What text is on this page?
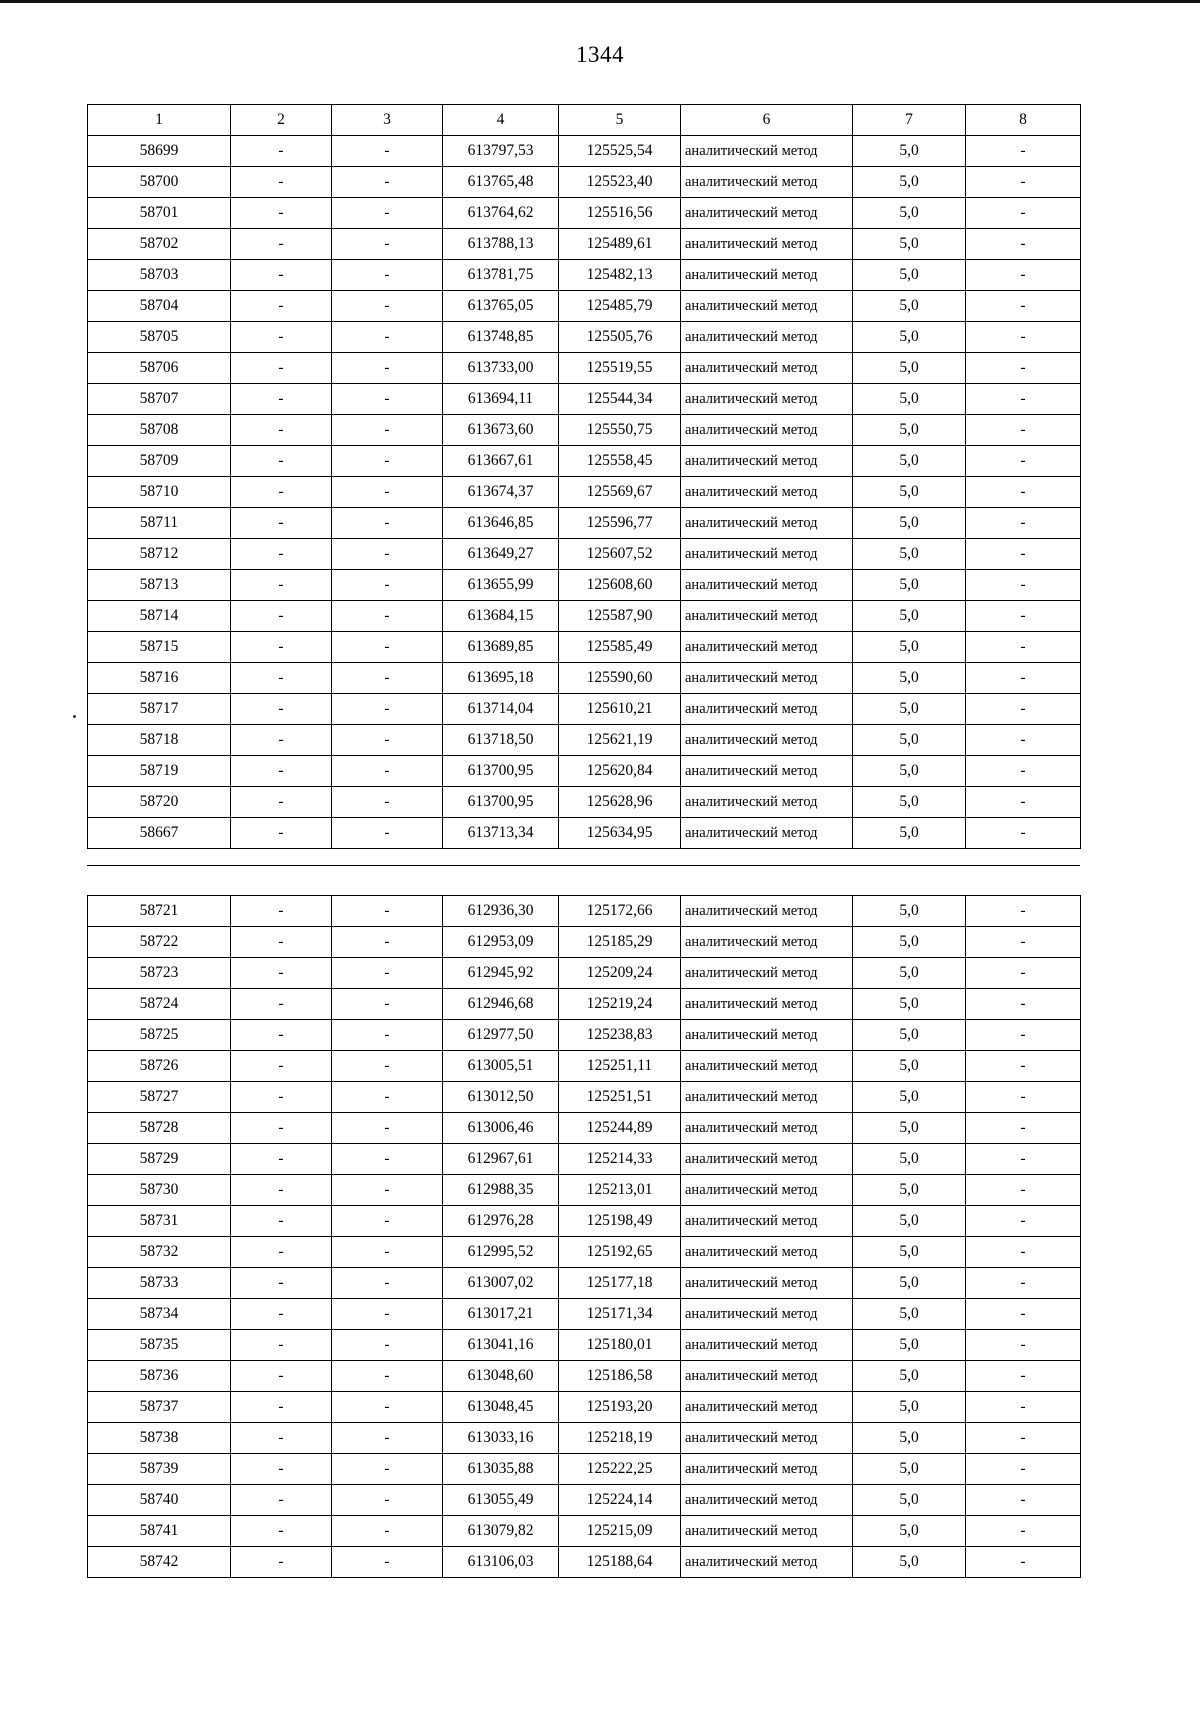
1344
1	2	3	4	5	6	7	8
58699	-	-	613797,53	125525,54	аналитический метод	5,0	-
58700	-	-	613765,48	125523,40	аналитический метод	5,0	-
58701	-	-	613764,62	125516,56	аналитический метод	5,0	-
58702	-	-	613788,13	125489,61	аналитический метод	5,0	-
58703	-	-	613781,75	125482,13	аналитический метод	5,0	-
58704	-	-	613765,05	125485,79	аналитический метод	5,0	-
58705	-	-	613748,85	125505,76	аналитический метод	5,0	-
58706	-	-	613733,00	125519,55	аналитический метод	5,0	-
58707	-	-	613694,11	125544,34	аналитический метод	5,0	-
58708	-	-	613673,60	125550,75	аналитический метод	5,0	-
58709	-	-	613667,61	125558,45	аналитический метод	5,0	-
58710	-	-	613674,37	125569,67	аналитический метод	5,0	-
58711	-	-	613646,85	125596,77	аналитический метод	5,0	-
58712	-	-	613649,27	125607,52	аналитический метод	5,0	-
58713	-	-	613655,99	125608,60	аналитический метод	5,0	-
58714	-	-	613684,15	125587,90	аналитический метод	5,0	-
58715	-	-	613689,85	125585,49	аналитический метод	5,0	-
58716	-	-	613695,18	125590,60	аналитический метод	5,0	-
58717	-	-	613714,04	125610,21	аналитический метод	5,0	-
58718	-	-	613718,50	125621,19	аналитический метод	5,0	-
58719	-	-	613700,95	125620,84	аналитический метод	5,0	-
58720	-	-	613700,95	125628,96	аналитический метод	5,0	-
58667	-	-	613713,34	125634,95	аналитический метод	5,0	-
58721	-	-	612936,30	125172,66	аналитический метод	5,0	-
58722	-	-	612953,09	125185,29	аналитический метод	5,0	-
58723	-	-	612945,92	125209,24	аналитический метод	5,0	-
58724	-	-	612946,68	125219,24	аналитический метод	5,0	-
58725	-	-	612977,50	125238,83	аналитический метод	5,0	-
58726	-	-	613005,51	125251,11	аналитический метод	5,0	-
58727	-	-	613012,50	125251,51	аналитический метод	5,0	-
58728	-	-	613006,46	125244,89	аналитический метод	5,0	-
58729	-	-	612967,61	125214,33	аналитический метод	5,0	-
58730	-	-	612988,35	125213,01	аналитический метод	5,0	-
58731	-	-	612976,28	125198,49	аналитический метод	5,0	-
58732	-	-	612995,52	125192,65	аналитический метод	5,0	-
58733	-	-	613007,02	125177,18	аналитический метод	5,0	-
58734	-	-	613017,21	125171,34	аналитический метод	5,0	-
58735	-	-	613041,16	125180,01	аналитический метод	5,0	-
58736	-	-	613048,60	125186,58	аналитический метод	5,0	-
58737	-	-	613048,45	125193,20	аналитический метод	5,0	-
58738	-	-	613033,16	125218,19	аналитический метод	5,0	-
58739	-	-	613035,88	125222,25	аналитический метод	5,0	-
58740	-	-	613055,49	125224,14	аналитический метод	5,0	-
58741	-	-	613079,82	125215,09	аналитический метод	5,0	-
58742	-	-	613106,03	125188,64	аналитический метод	5,0	-
